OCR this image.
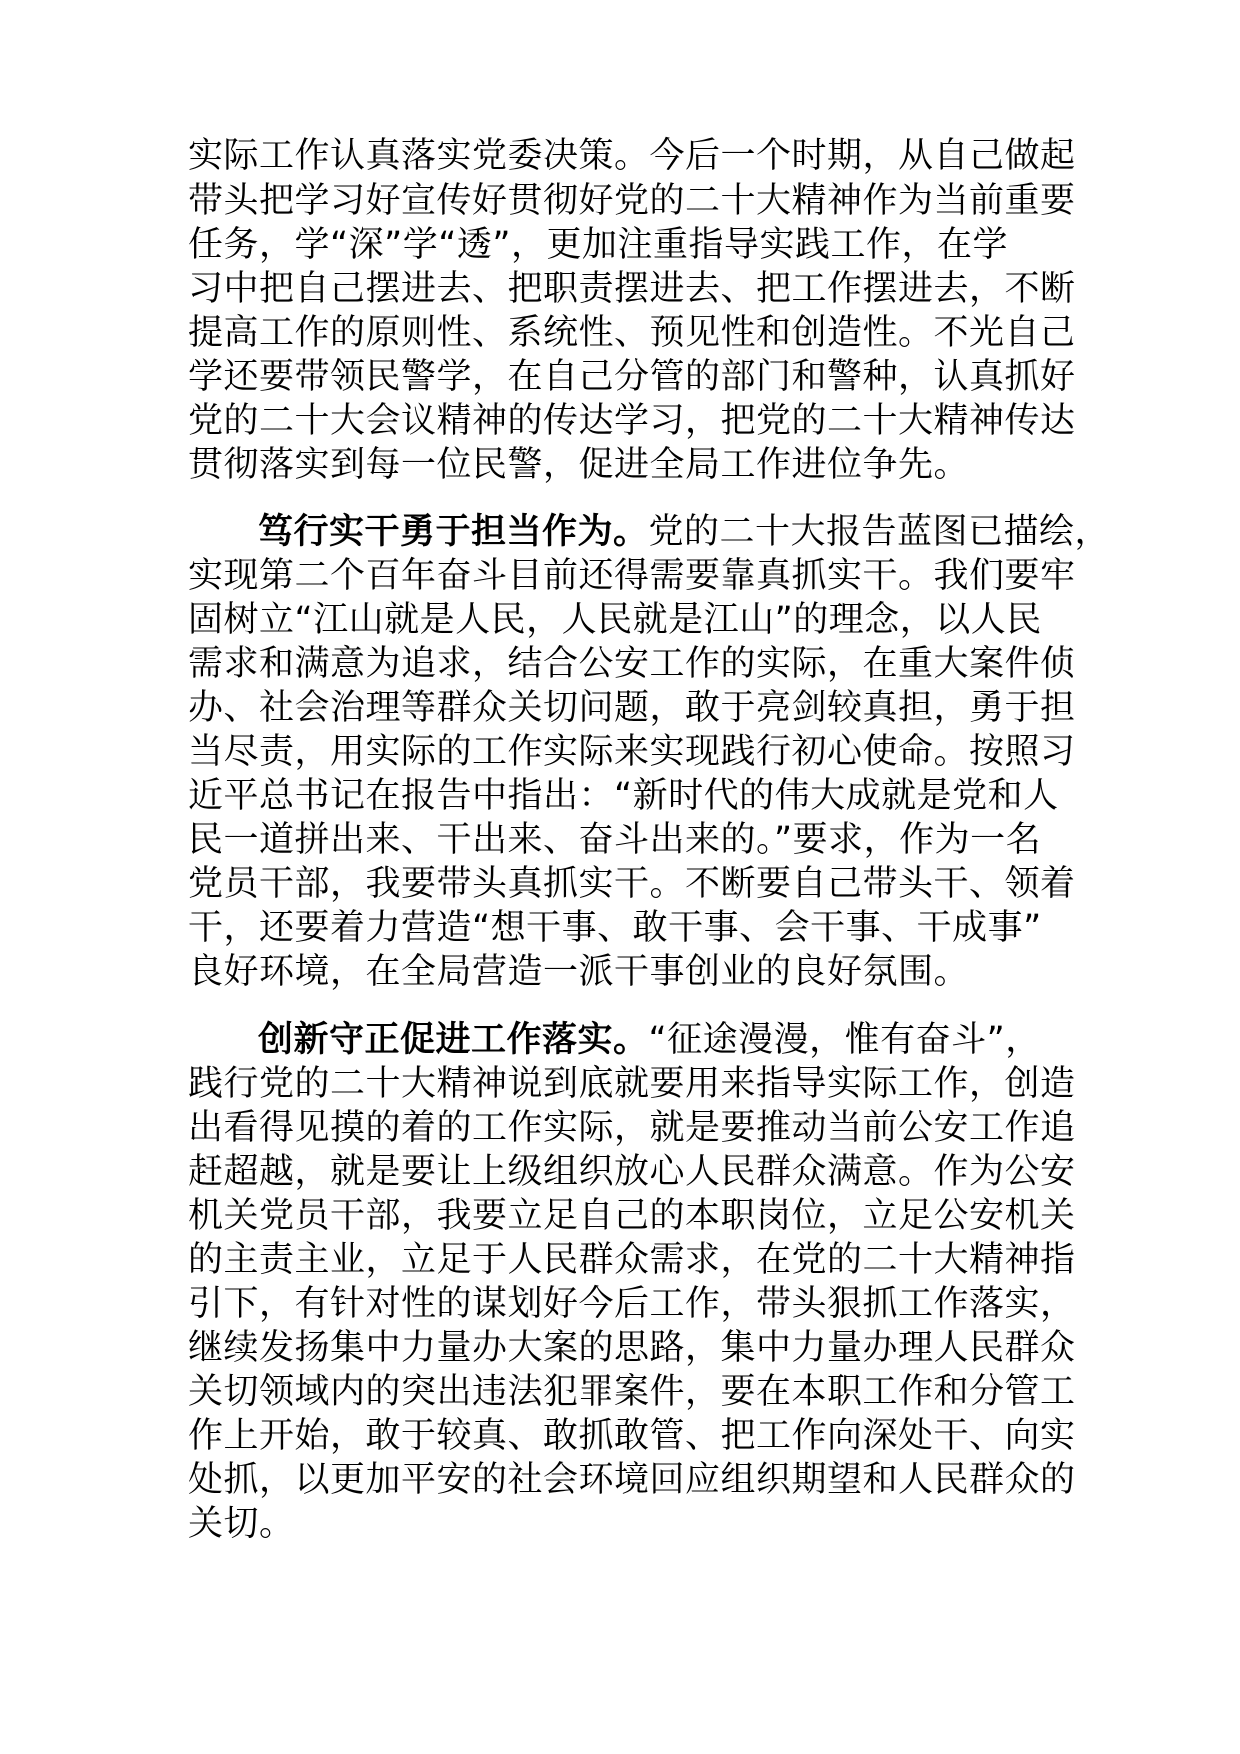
实际工作认真落实党委决策。今后一个时期，从自己做起
带头把学习好宣传好贯彻好党的二十大精神作为当前重要
任务，学“深”学“透”，更加注重指导实践工作，在学
习中把自己摆进去、把职责摆进去、把工作摆进去，不断
提高工作的原则性、系统性、预见性和创造性。不光自己
学还要带领民警学，在自己分管的部门和警种，认真抓好
党的二十大会议精神的传达学习，把党的二十大精神传达
贯彻落实到每一位民警，促进全局工作进位争先。
笃行实干勇于担当作为。党的二十大报告蓝图已描绘，
实现第二个百年奋斗目前还得需要靠真抓实干。我们要牢
固树立“江山就是人民，人民就是江山”的理念，以人民
需求和满意为追求，结合公安工作的实际，在重大案件侦
办、社会治理等群众关切问题，敢于亮剑较真担，勇于担
当尽责，用实际的工作实际来实现践行初心使命。按照习
近平总书记在报告中指出：“新时代的伟大成就是党和人
民一道拼出来、干出来、奋斗出来的。”要求，作为一名
党员干部，我要带头真抓实干。不断要自己带头干、领着
干，还要着力营造“想干事、敢干事、会干事、干成事”
良好环境，在全局营造一派干事创业的良好氛围。
创新守正促进工作落实。“征途漫漫，惟有奋斗”，
践行党的二十大精神说到底就要用来指导实际工作，创造
出看得见摸的着的工作实际，就是要推动当前公安工作追
赶超越，就是要让上级组织放心人民群众满意。作为公安
机关党员干部，我要立足自己的本职岗位，立足公安机关
的主责主业，立足于人民群众需求，在党的二十大精神指
引下，有针对性的谋划好今后工作，带头狠抓工作落实，
继续发扬集中力量办大案的思路，集中力量办理人民群众
关切领域内的突出违法犯罪案件，要在本职工作和分管工
作上开始，敢于较真、敢抓敢管、把工作向深处干、向实
处抓，以更加平安的社会环境回应组织期望和人民群众的
关切。
